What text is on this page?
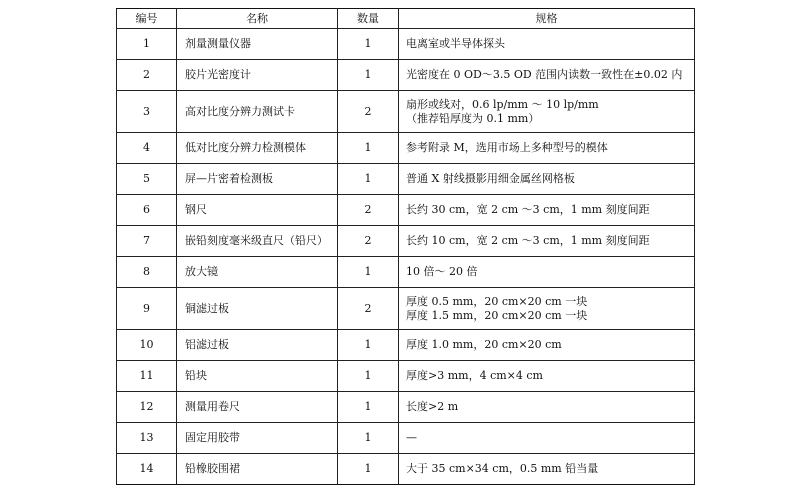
编号	名称	数量	规格
1	剂量测量仪器	1	电离室或半导体探头

2	胶片光密度计	1	光密度在 0 OD～3.5 OD 范围内读数一致性在±0.02 内

3	高对比度分辨力测试卡	2	扇形或线对，0.6 lp/mm ～ 10 lp/mm
（推荐铅厚度为 0.1 mm）

4	低对比度分辨力检测模体	1	参考附录 M，选用市场上多种型号的模体

5	屏—片密着检测板	1	普通 X 射线摄影用细金属丝网格板

6	钢尺	2	长约 30 cm，宽 2 cm ～3 cm，1 mm 刻度间距

7	嵌铅刻度毫米级直尺（铅尺）	2	长约 10 cm，宽 2 cm ～3 cm，1 mm 刻度间距

8	放大镜	1	10 倍～ 20 倍

9	铜滤过板	2	厚度 0.5 mm，20 cm×20 cm 一块
厚度 1.5 mm，20 cm×20 cm 一块

10	铝滤过板	1	厚度 1.0 mm，20 cm×20 cm

11	铅块	1	厚度>3 mm，4 cm×4 cm

12	测量用卷尺	1	长度>2 m

13	固定用胶带	1	—

14	铅橡胶围裙	1	大于 35 cm×34 cm，0.5 mm 铅当量
